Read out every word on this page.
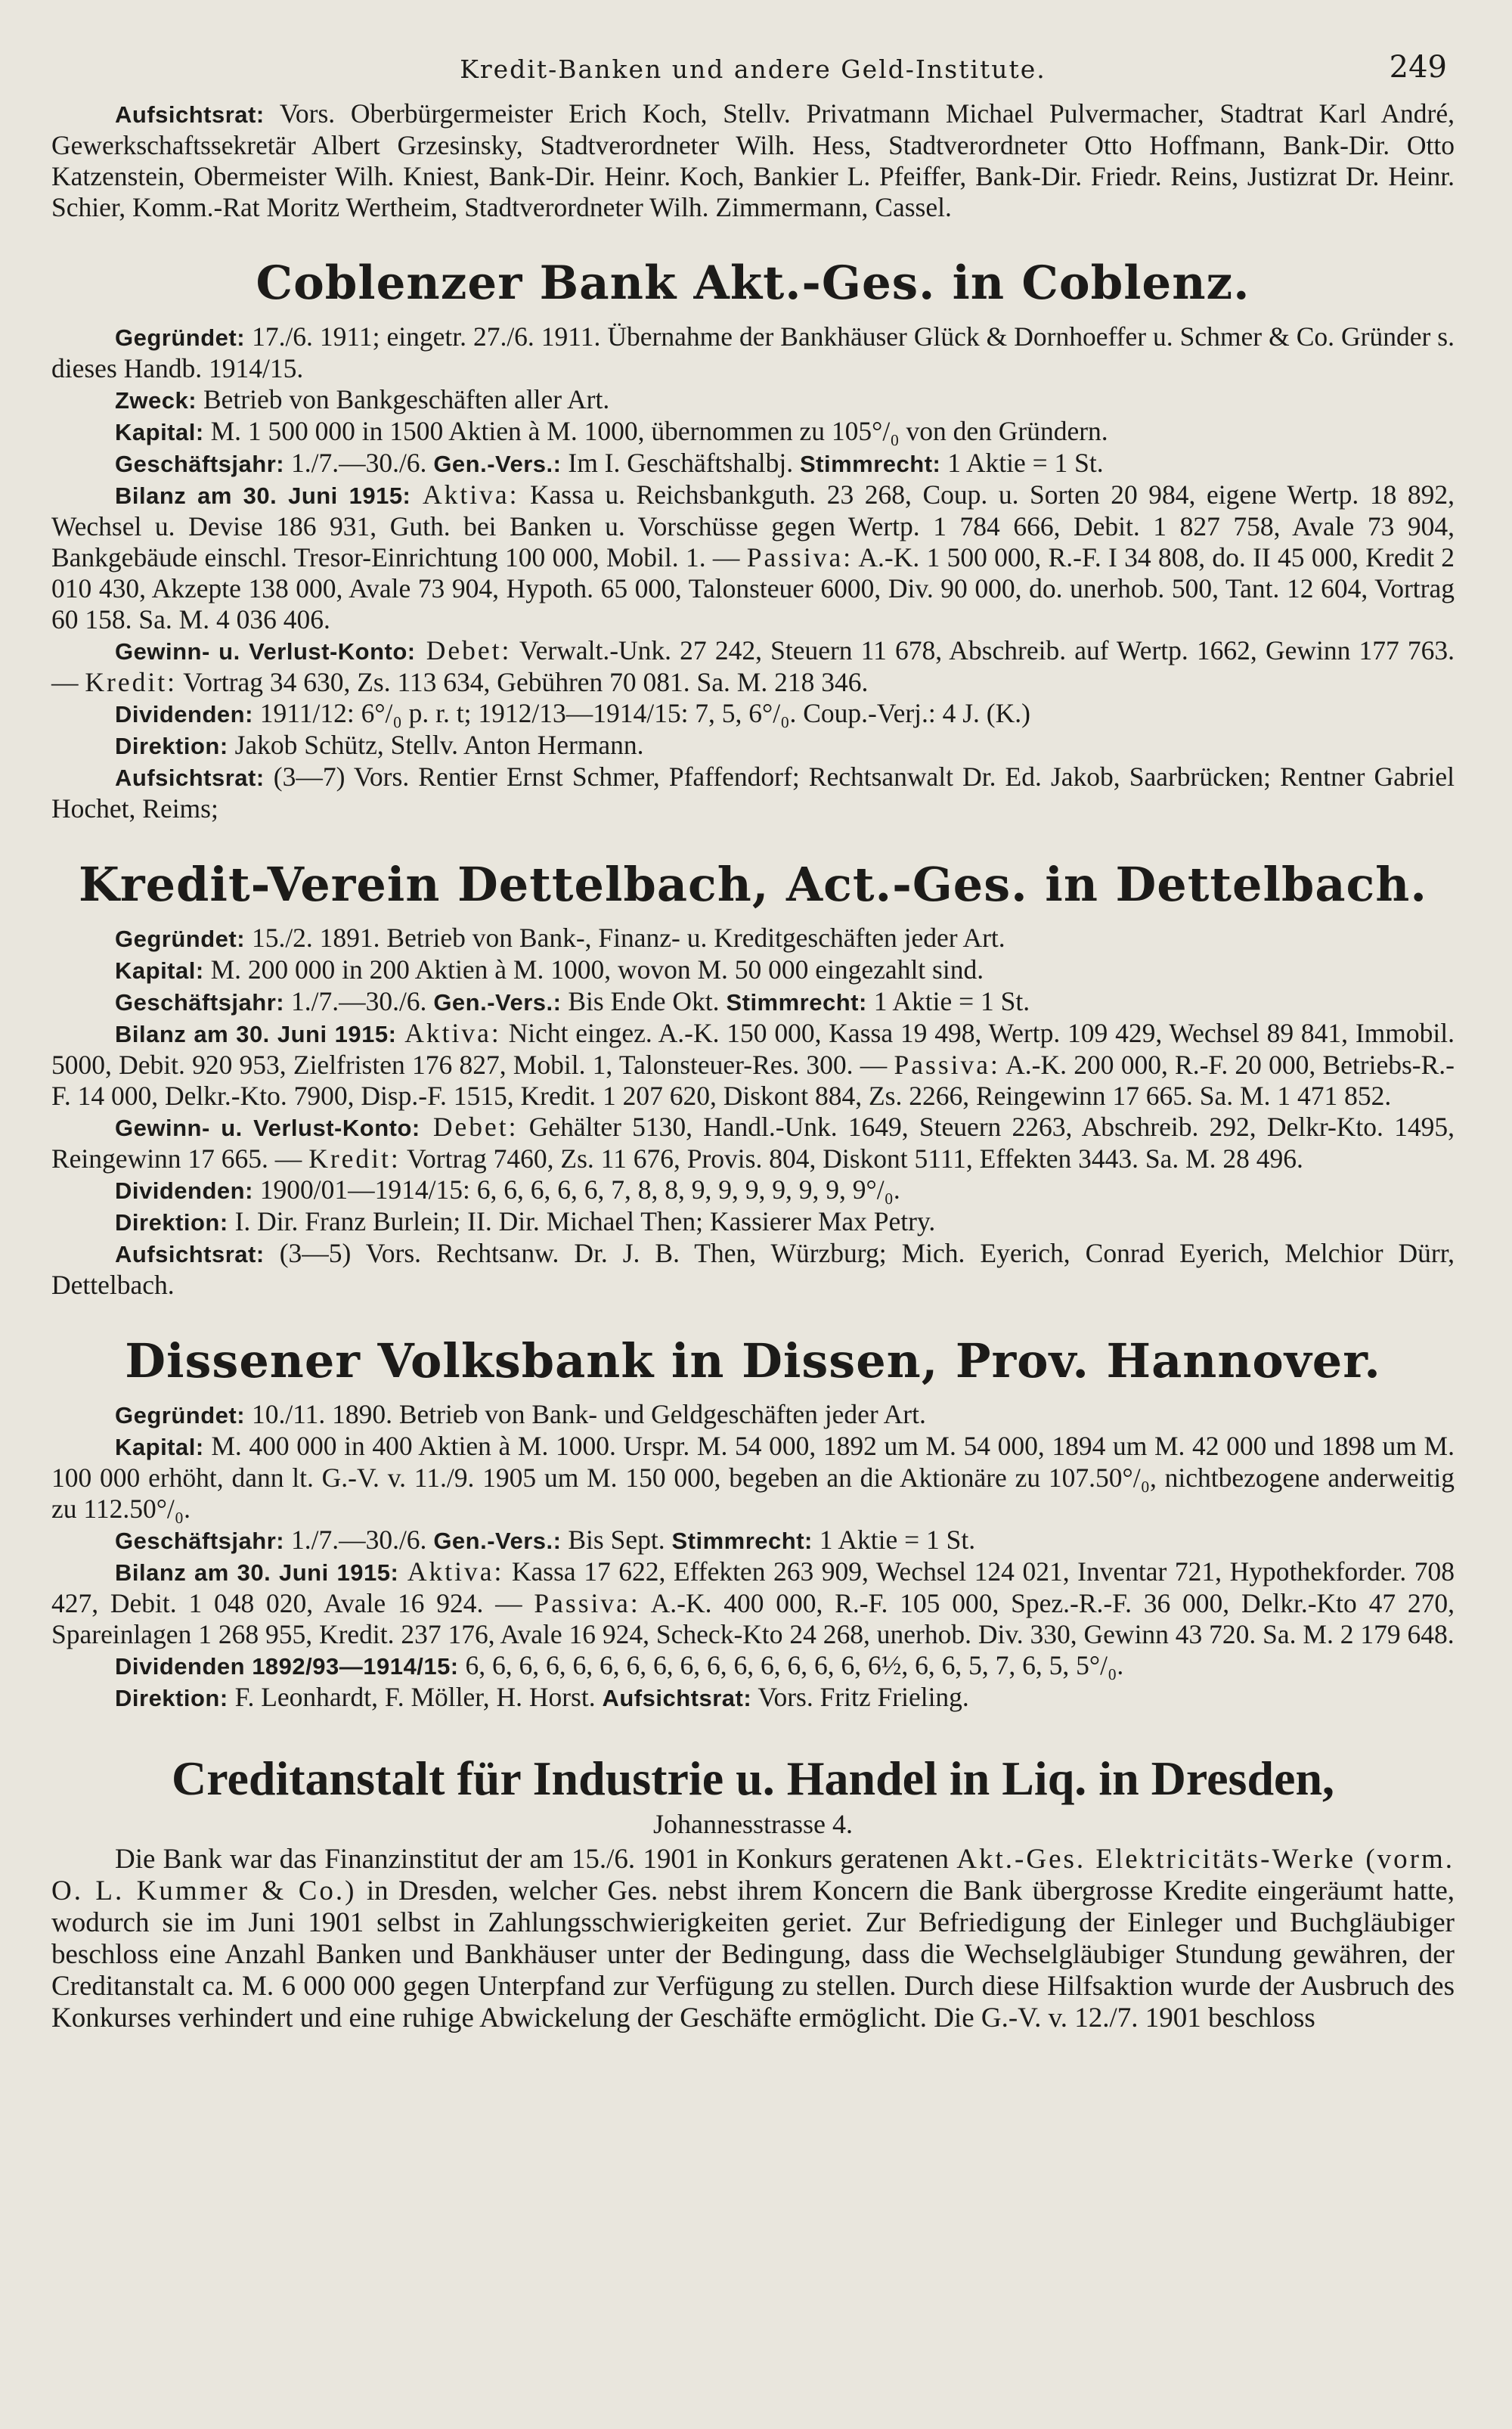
Kredit-Banken und andere Geld-Institute.	249

Aufsichtsrat: Vors. Oberbürgermeister Erich Koch, Stellv. Privatmann Michael Pulvermacher, Stadtrat Karl André, Gewerkschaftssekretär Albert Grzesinsky, Stadtverordneter Wilh. Hess, Stadtverordneter Otto Hoffmann, Bank-Dir. Otto Katzenstein, Obermeister Wilh. Kniest, Bank-Dir. Heinr. Koch, Bankier L. Pfeiffer, Bank-Dir. Friedr. Reins, Justizrat Dr. Heinr. Schier, Komm.-Rat Moritz Wertheim, Stadtverordneter Wilh. Zimmermann, Cassel.

Coblenzer Bank Akt.-Ges. in Coblenz.

Gegründet: 17./6. 1911; eingetr. 27./6. 1911. Übernahme der Bankhäuser Glück & Dornhoeffer u. Schmer & Co. Gründer s. dieses Handb. 1914/15.

Zweck: Betrieb von Bankgeschäften aller Art.

Kapital: M. 1 500 000 in 1500 Aktien à M. 1000, übernommen zu 105°/₀ von den Gründern.

Geschäftsjahr: 1./7.—30./6. Gen.-Vers.: Im I. Geschäftshalbj. Stimmrecht: 1 Aktie = 1 St.

Bilanz am 30. Juni 1915: Aktiva: Kassa u. Reichsbankguth. 23 268, Coup. u. Sorten 20 984, eigene Wertp. 18 892, Wechsel u. Devise 186 931, Guth. bei Banken u. Vorschüsse gegen Wertp. 1 784 666, Debit. 1 827 758, Avale 73 904, Bankgebäude einschl. Tresor-Einrichtung 100 000, Mobil. 1. — Passiva: A.-K. 1 500 000, R.-F. I 34 808, do. II 45 000, Kredit 2 010 430, Akzepte 138 000, Avale 73 904, Hypoth. 65 000, Talonsteuer 6000, Div. 90 000, do. unerhob. 500, Tant. 12 604, Vortrag 60 158. Sa. M. 4 036 406.

Gewinn- u. Verlust-Konto: Debet: Verwalt.-Unk. 27 242, Steuern 11 678, Abschreib. auf Wertp. 1662, Gewinn 177 763. — Kredit: Vortrag 34 630, Zs. 113 634, Gebühren 70 081. Sa. M. 218 346.

Dividenden: 1911/12: 6°/₀ p. r. t; 1912/13—1914/15: 7, 5, 6°/₀. Coup.-Verj.: 4 J. (K.)

Direktion: Jakob Schütz, Stellv. Anton Hermann.

Aufsichtsrat: (3—7) Vors. Rentier Ernst Schmer, Pfaffendorf; Rechtsanwalt Dr. Ed. Jakob, Saarbrücken; Rentner Gabriel Hochet, Reims;

Kredit-Verein Dettelbach, Act.-Ges. in Dettelbach.

Gegründet: 15./2. 1891. Betrieb von Bank-, Finanz- u. Kreditgeschäften jeder Art.

Kapital: M. 200 000 in 200 Aktien à M. 1000, wovon M. 50 000 eingezahlt sind.

Geschäftsjahr: 1./7.—30./6. Gen.-Vers.: Bis Ende Okt. Stimmrecht: 1 Aktie = 1 St.

Bilanz am 30. Juni 1915: Aktiva: Nicht eingez. A.-K. 150 000, Kassa 19 498, Wertp. 109 429, Wechsel 89 841, Immobil. 5000, Debit. 920 953, Zielfristen 176 827, Mobil. 1, Talonsteuer-Res. 300. — Passiva: A.-K. 200 000, R.-F. 20 000, Betriebs-R.-F. 14 000, Delkr.-Kto. 7900, Disp.-F. 1515, Kredit. 1 207 620, Diskont 884, Zs. 2266, Reingewinn 17 665. Sa. M. 1 471 852.

Gewinn- u. Verlust-Konto: Debet: Gehälter 5130, Handl.-Unk. 1649, Steuern 2263, Abschreib. 292, Delkr-Kto. 1495, Reingewinn 17 665. — Kredit: Vortrag 7460, Zs. 11 676, Provis. 804, Diskont 5111, Effekten 3443. Sa. M. 28 496.

Dividenden: 1900/01—1914/15: 6, 6, 6, 6, 6, 7, 8, 8, 9, 9, 9, 9, 9, 9, 9°/₀.

Direktion: I. Dir. Franz Burlein; II. Dir. Michael Then; Kassierer Max Petry.

Aufsichtsrat: (3—5) Vors. Rechtsanw. Dr. J. B. Then, Würzburg; Mich. Eyerich, Conrad Eyerich, Melchior Dürr, Dettelbach.

Dissener Volksbank in Dissen, Prov. Hannover.

Gegründet: 10./11. 1890. Betrieb von Bank- und Geldgeschäften jeder Art.

Kapital: M. 400 000 in 400 Aktien à M. 1000. Urspr. M. 54 000, 1892 um M. 54 000, 1894 um M. 42 000 und 1898 um M. 100 000 erhöht, dann lt. G.-V. v. 11./9. 1905 um M. 150 000, begeben an die Aktionäre zu 107.50°/₀, nichtbezogene anderweitig zu 112.50°/₀.

Geschäftsjahr: 1./7.—30./6. Gen.-Vers.: Bis Sept. Stimmrecht: 1 Aktie = 1 St.

Bilanz am 30. Juni 1915: Aktiva: Kassa 17 622, Effekten 263 909, Wechsel 124 021, Inventar 721, Hypothekforder. 708 427, Debit. 1 048 020, Avale 16 924. — Passiva: A.-K. 400 000, R.-F. 105 000, Spez.-R.-F. 36 000, Delkr.-Kto 47 270, Spareinlagen 1 268 955, Kredit. 237 176, Avale 16 924, Scheck-Kto 24 268, unerhob. Div. 330, Gewinn 43 720. Sa. M. 2 179 648.

Dividenden 1892/93—1914/15: 6, 6, 6, 6, 6, 6, 6, 6, 6, 6, 6, 6, 6, 6, 6, 6½, 6, 6, 5, 7, 6, 5, 5°/₀.

Direktion: F. Leonhardt, F. Möller, H. Horst. Aufsichtsrat: Vors. Fritz Frieling.

Creditanstalt für Industrie u. Handel in Liq. in Dresden,
Johannesstrasse 4.

Die Bank war das Finanzinstitut der am 15./6. 1901 in Konkurs geratenen Akt.-Ges. Elektricitäts-Werke (vorm. O. L. Kummer & Co.) in Dresden, welcher Ges. nebst ihrem Koncern die Bank übergrosse Kredite eingeräumt hatte, wodurch sie im Juni 1901 selbst in Zahlungsschwierigkeiten geriet. Zur Befriedigung der Einleger und Buchgläubiger beschloss eine Anzahl Banken und Bankhäuser unter der Bedingung, dass die Wechselgläubiger Stundung gewähren, der Creditanstalt ca. M. 6 000 000 gegen Unterpfand zur Verfügung zu stellen. Durch diese Hilfsaktion wurde der Ausbruch des Konkurses verhindert und eine ruhige Abwickelung der Geschäfte ermöglicht. Die G.-V. v. 12./7. 1901 beschloss
